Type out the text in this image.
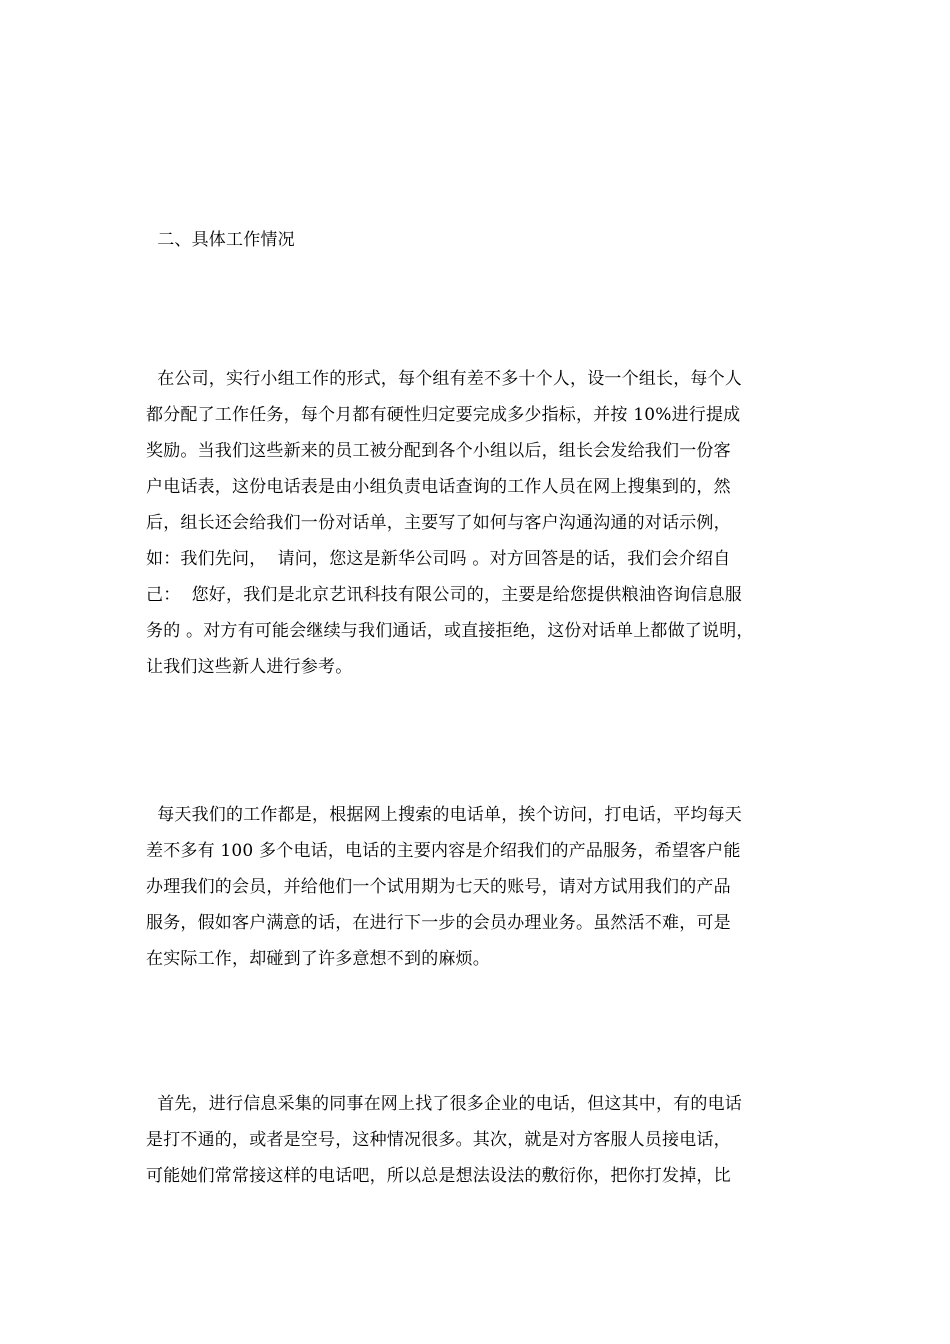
二、具体工作情况

在公司，实行小组工作的形式，每个组有差不多十个人，设一个组长，每个人

都分配了工作任务，每个月都有硬性归定要完成多少指标，并按 10%进行提成

奖励。当我们这些新来的员工被分配到各个小组以后，组长会发给我们一份客

户电话表，这份电话表是由小组负责电话查询的工作人员在网上搜集到的，然

后，组长还会给我们一份对话单，主要写了如何与客户沟通沟通的对话示例，

如：我们先问，  请问，您这是新华公司吗 。对方回答是的话，我们会介绍自

己：  您好，我们是北京艺讯科技有限公司的，主要是给您提供粮油咨询信息服

务的 。对方有可能会继续与我们通话，或直接拒绝，这份对话单上都做了说明，

让我们这些新人进行参考。

每天我们的工作都是，根据网上搜索的电话单，挨个访问，打电话，平均每天

差不多有 100 多个电话，电话的主要内容是介绍我们的产品服务，希望客户能

办理我们的会员，并给他们一个试用期为七天的账号，请对方试用我们的产品

服务，假如客户满意的话，在进行下一步的会员办理业务。虽然活不难，可是

在实际工作，却碰到了许多意想不到的麻烦。

首先，进行信息采集的同事在网上找了很多企业的电话，但这其中，有的电话

是打不通的，或者是空号，这种情况很多。其次，就是对方客服人员接电话，

可能她们常常接这样的电话吧，所以总是想法设法的敷衍你，把你打发掉，比
